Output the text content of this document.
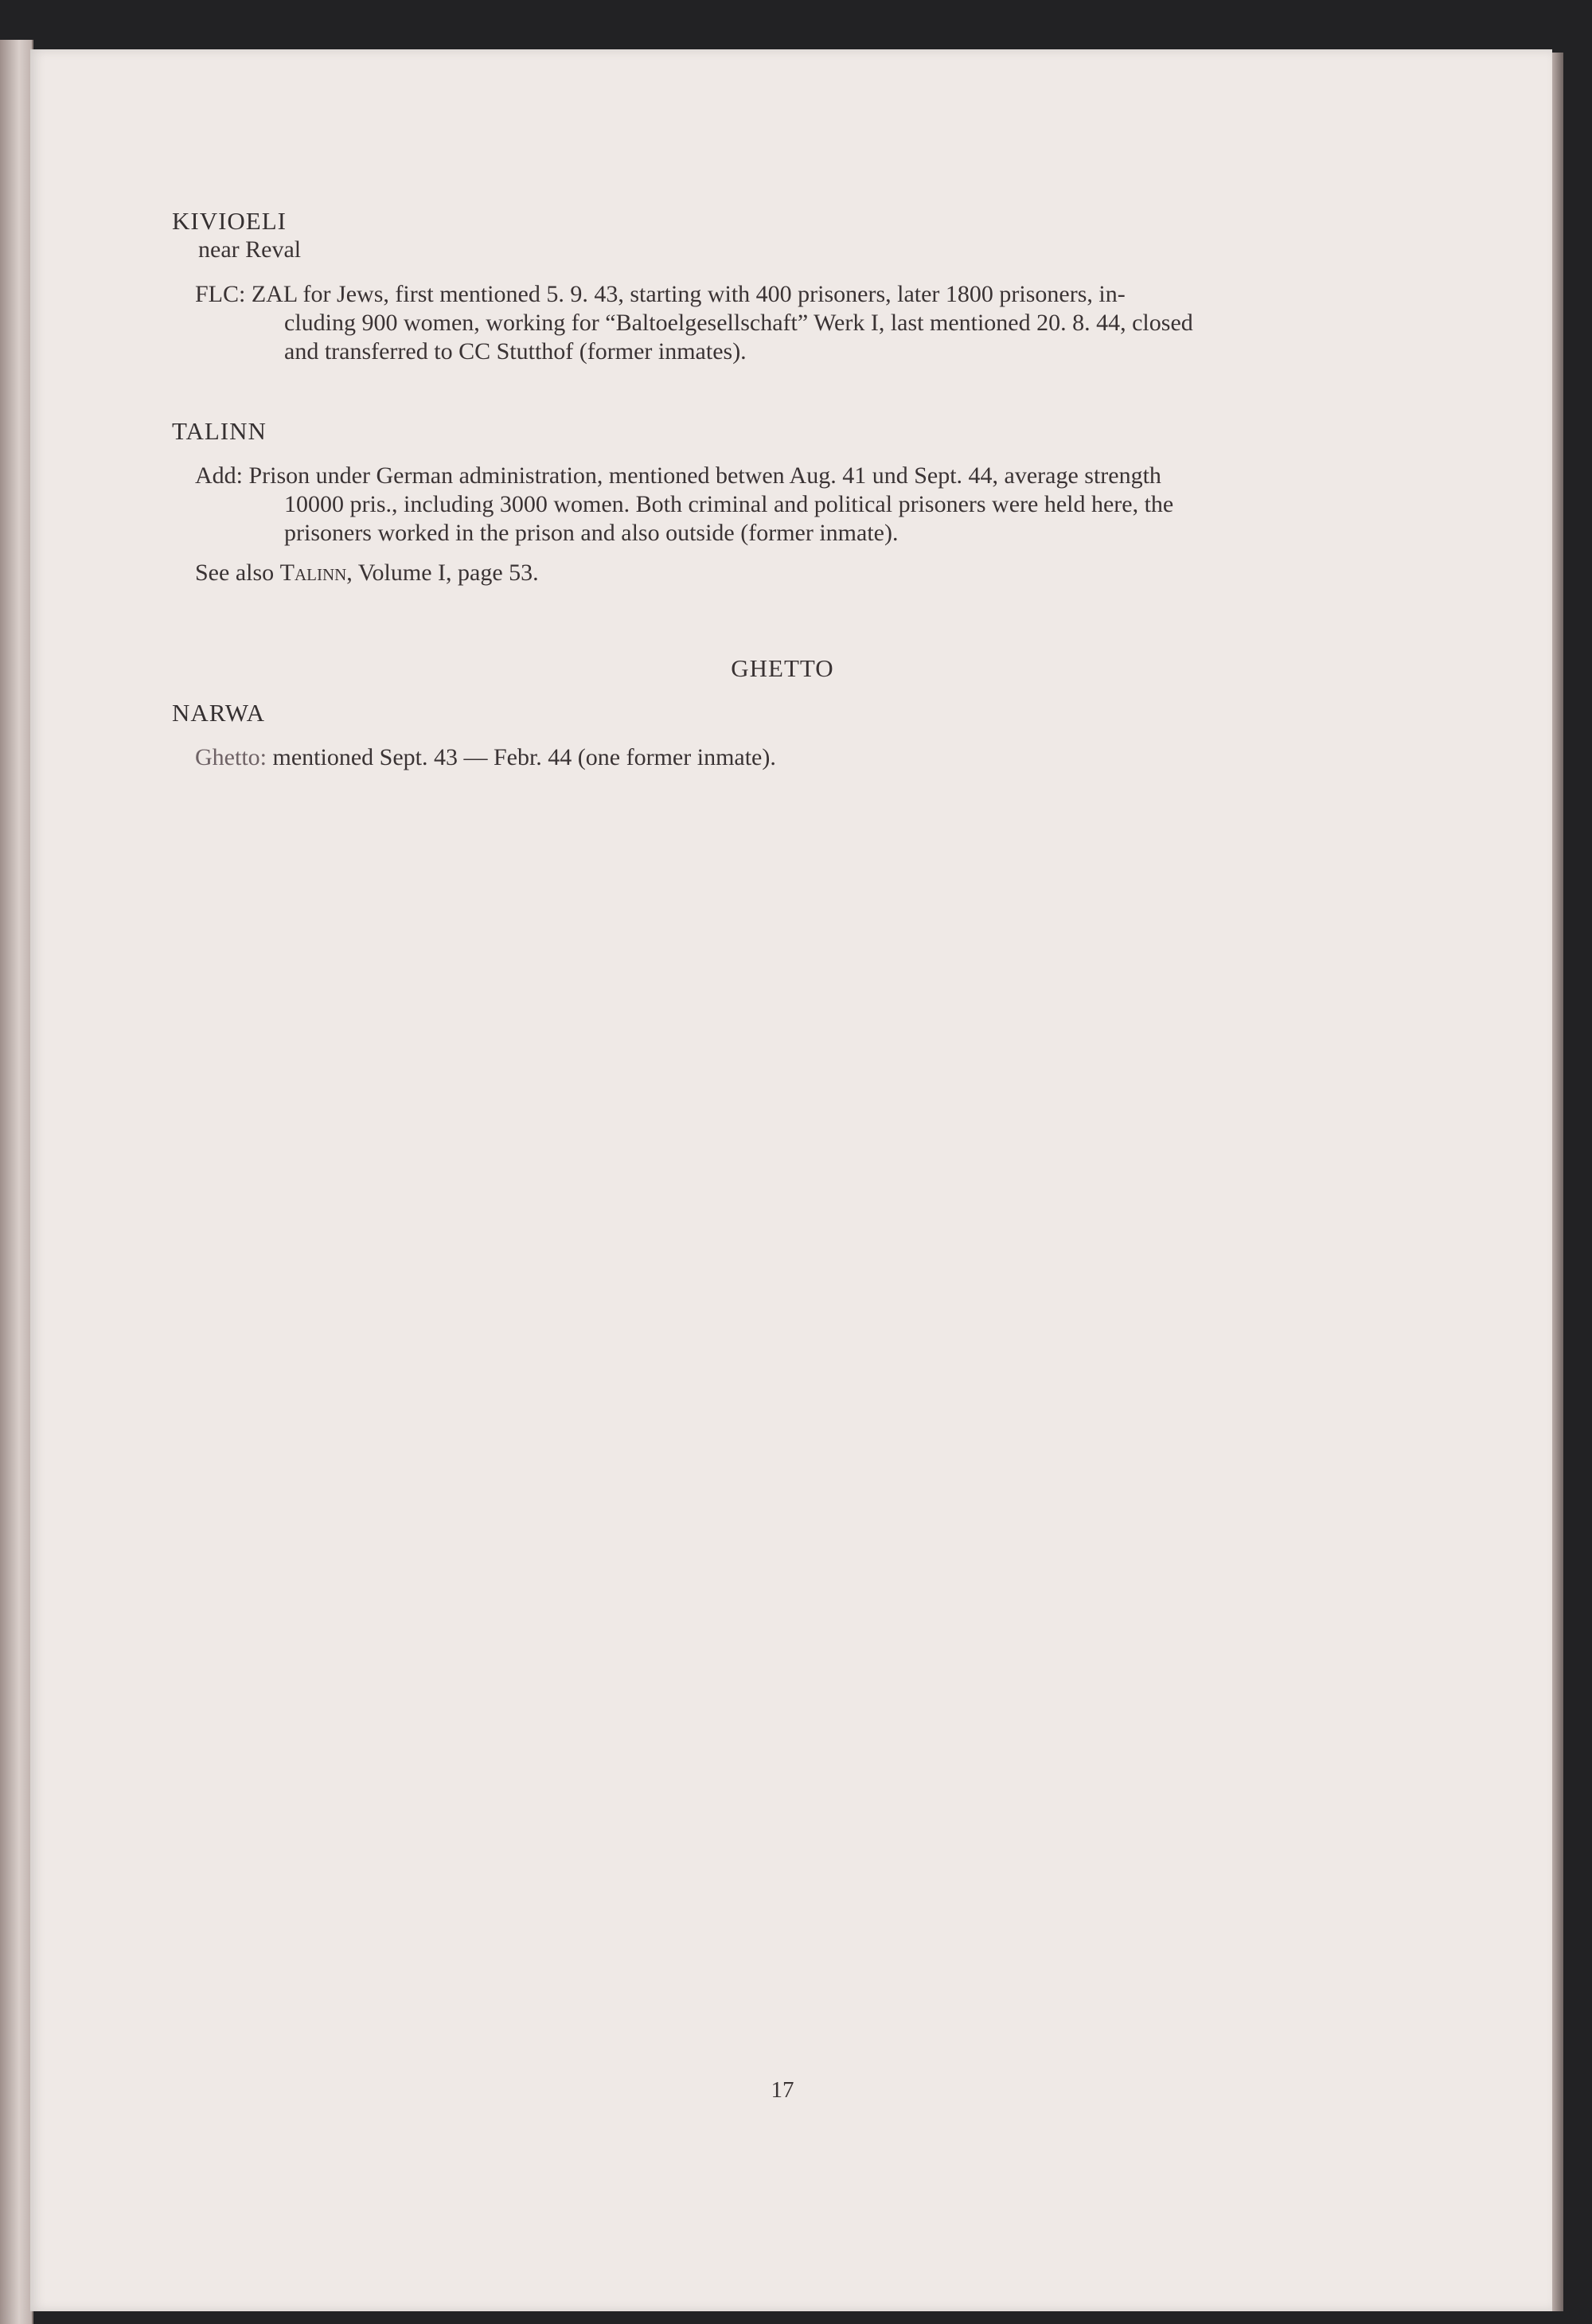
KIVIOELI
near Reval
FLC: ZAL for Jews, first mentioned 5. 9. 43, starting with 400 prisoners, later 1800 prisoners, in-
cluding 900 women, working for “Baltoelgesellschaft” Werk I, last mentioned 20. 8. 44, closed
and transferred to CC Stutthof (former inmates).
TALINN
Add: Prison under German administration, mentioned betwen Aug. 41 und Sept. 44, average strength
10000 pris., including 3000 women. Both criminal and political prisoners were held here, the
prisoners worked in the prison and also outside (former inmate).
See also Talinn, Volume I, page 53.
GHETTO
NARWA
Ghetto: mentioned Sept. 43 — Febr. 44 (one former inmate).
17
